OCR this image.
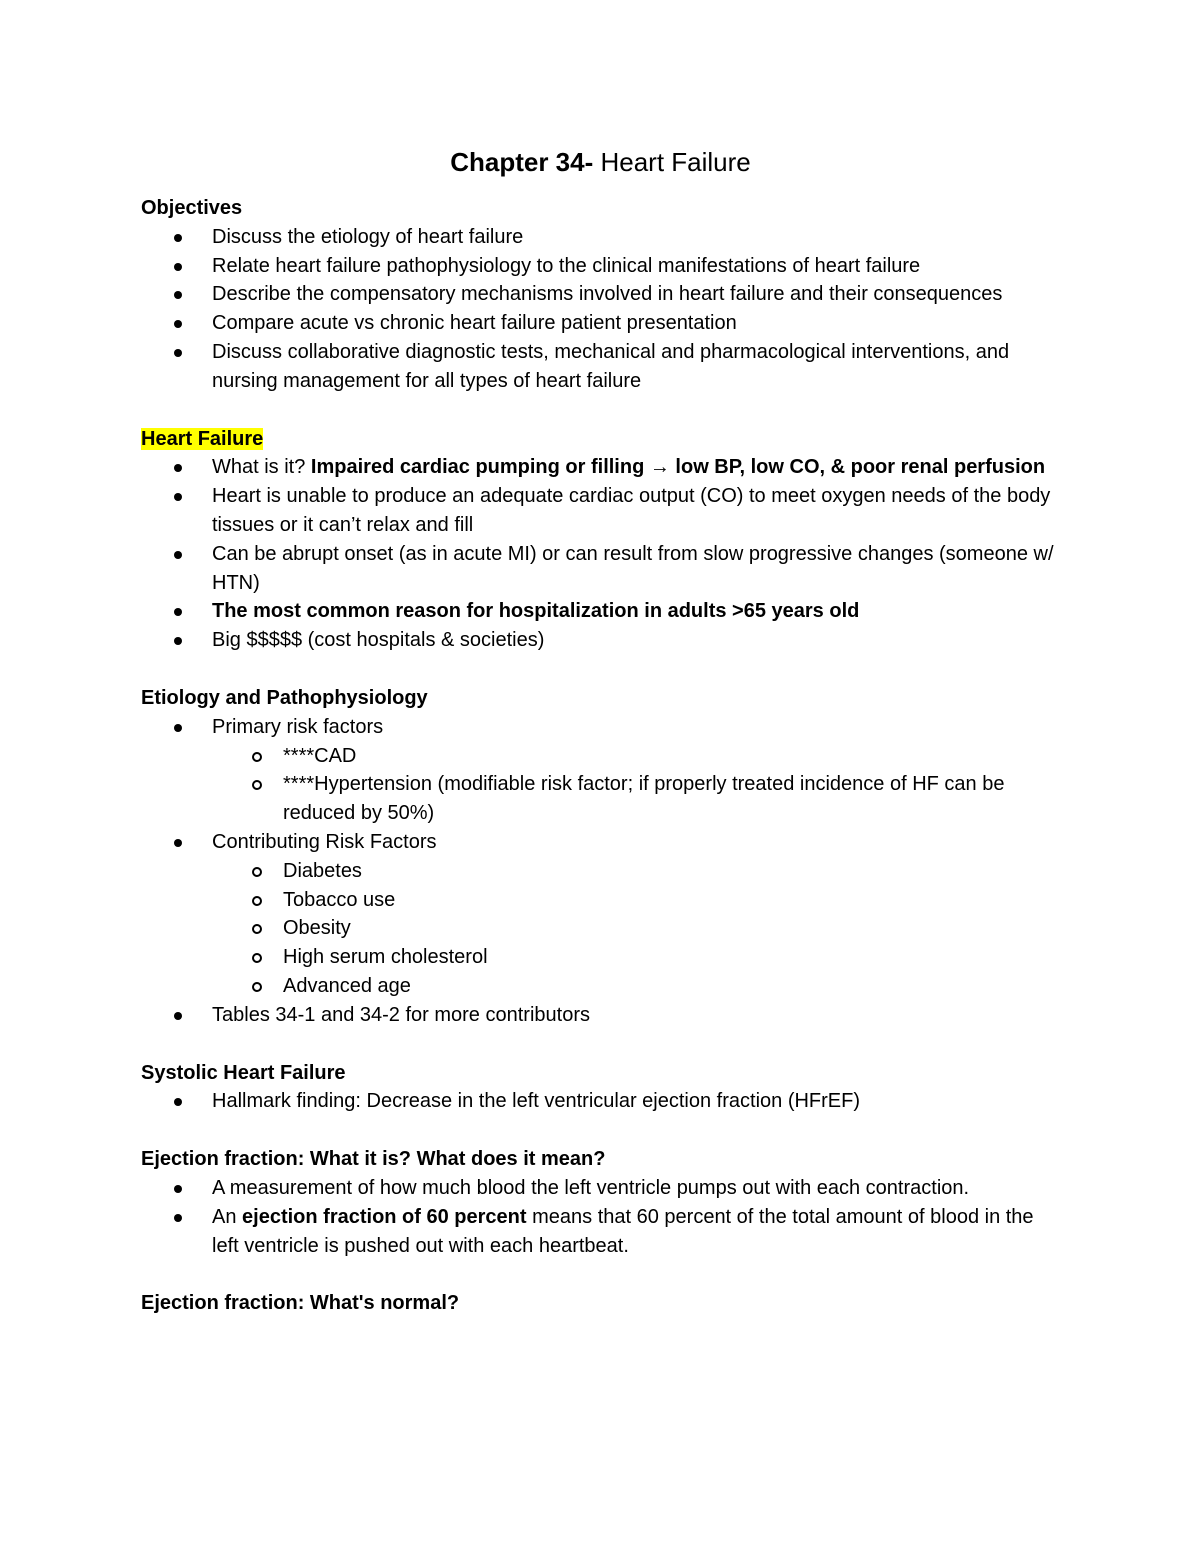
Chapter 34- Heart Failure

Objectives

Discuss the etiology of heart failure
Relate heart failure pathophysiology to the clinical manifestations of heart failure
Describe the compensatory mechanisms involved in heart failure and their consequences
Compare acute vs chronic heart failure patient presentation
Discuss collaborative diagnostic tests, mechanical and pharmacological interventions, and nursing management for all types of heart failure

Heart Failure

What is it? Impaired cardiac pumping or filling → low BP, low CO, & poor renal perfusion
Heart is unable to produce an adequate cardiac output (CO) to meet oxygen needs of the body tissues or it can’t relax and fill
Can be abrupt onset (as in acute MI) or can result from slow progressive changes (someone w/ HTN)
The most common reason for hospitalization in adults >65 years old
Big $$$$$ (cost hospitals & societies)

Etiology and Pathophysiology

Primary risk factors
****CAD
****Hypertension (modifiable risk factor; if properly treated incidence of HF can be reduced by 50%)
Contributing Risk Factors
Diabetes
Tobacco use
Obesity
High serum cholesterol
Advanced age
Tables 34-1 and 34-2 for more contributors

Systolic Heart Failure

Hallmark finding: Decrease in the left ventricular ejection fraction (HFrEF)

Ejection fraction: What it is? What does it mean?

A measurement of how much blood the left ventricle pumps out with each contraction.
An ejection fraction of 60 percent means that 60 percent of the total amount of blood in the left ventricle is pushed out with each heartbeat.

Ejection fraction: What's normal?
